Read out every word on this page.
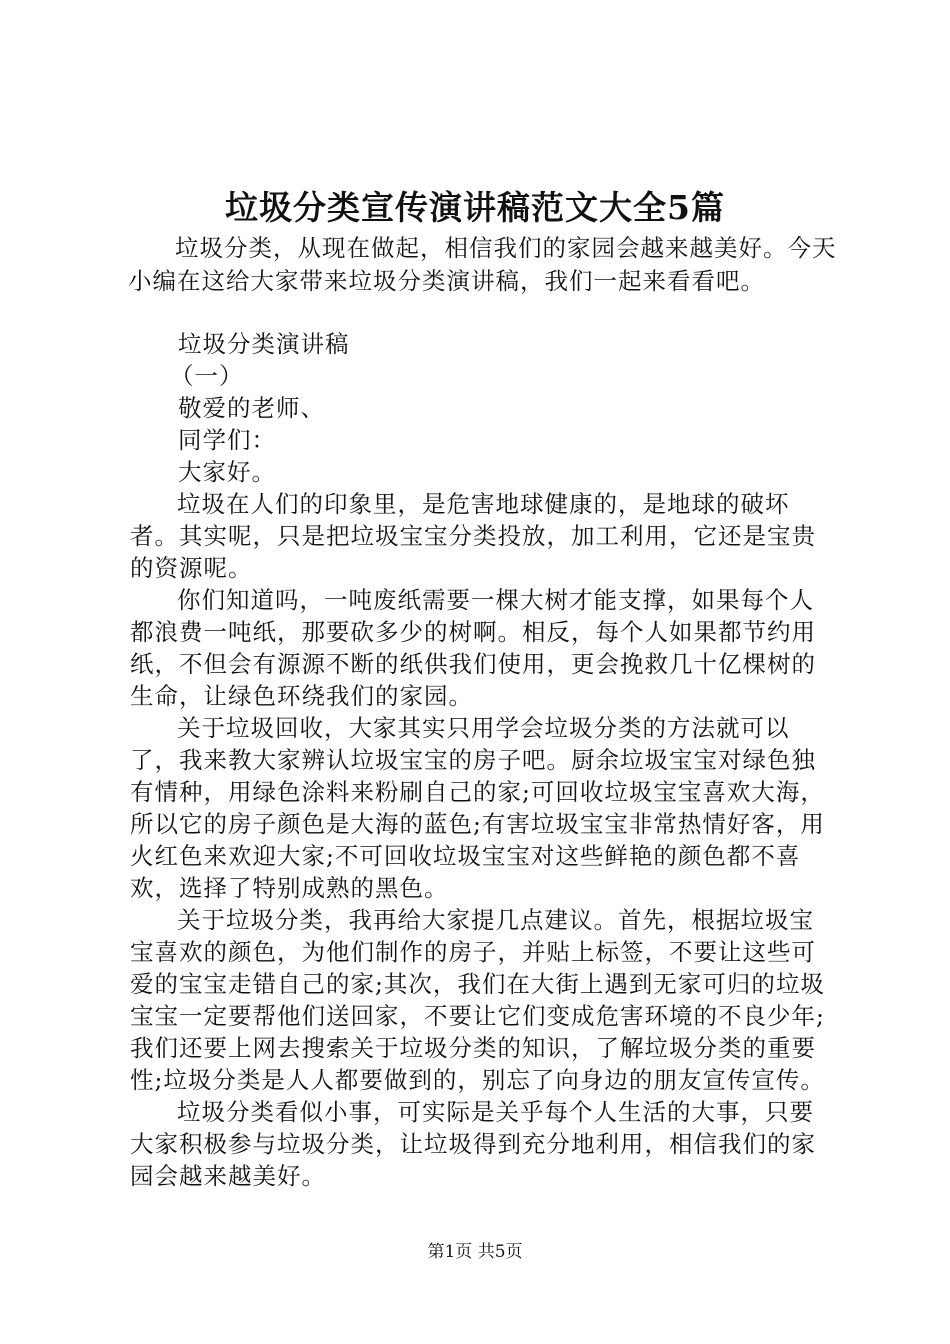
垃圾分类宣传演讲稿范文大全5篇

垃圾分类，从现在做起，相信我们的家园会越来越美好。今天小编在这给大家带来垃圾分类演讲稿，我们一起来看看吧。

垃圾分类演讲稿

（一）

敬爱的老师、

同学们：

大家好。

垃圾在人们的印象里，是危害地球健康的，是地球的破坏者。其实呢，只是把垃圾宝宝分类投放，加工利用，它还是宝贵的资源呢。

你们知道吗，一吨废纸需要一棵大树才能支撑，如果每个人都浪费一吨纸，那要砍多少的树啊。相反，每个人如果都节约用纸，不但会有源源不断的纸供我们使用，更会挽救几十亿棵树的生命，让绿色环绕我们的家园。

关于垃圾回收，大家其实只用学会垃圾分类的方法就可以了，我来教大家辨认垃圾宝宝的房子吧。厨余垃圾宝宝对绿色独有情种，用绿色涂料来粉刷自己的家;可回收垃圾宝宝喜欢大海，所以它的房子颜色是大海的蓝色;有害垃圾宝宝非常热情好客，用火红色来欢迎大家;不可回收垃圾宝宝对这些鲜艳的颜色都不喜欢，选择了特别成熟的黑色。

关于垃圾分类，我再给大家提几点建议。首先，根据垃圾宝宝喜欢的颜色，为他们制作的房子，并贴上标签，不要让这些可爱的宝宝走错自己的家;其次，我们在大街上遇到无家可归的垃圾宝宝一定要帮他们送回家，不要让它们变成危害环境的不良少年;我们还要上网去搜索关于垃圾分类的知识，了解垃圾分类的重要性;垃圾分类是人人都要做到的，别忘了向身边的朋友宣传宣传。

垃圾分类看似小事，可实际是关乎每个人生活的大事，只要大家积极参与垃圾分类，让垃圾得到充分地利用，相信我们的家园会越来越美好。

第1页 共5页
